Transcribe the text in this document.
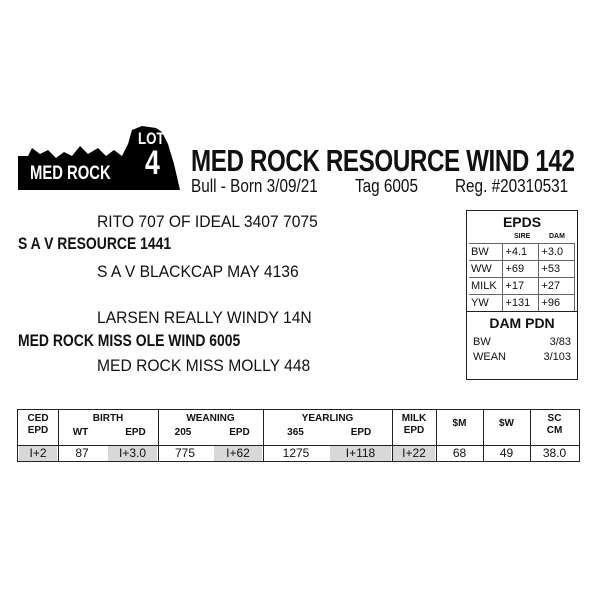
MED ROCK
LOT
4 MED ROCK RESOURCE WIND 142
Bull - Born 3/09/21 Tag 6005 Reg. #20310531
RITO 707 OF IDEAL 3407 7075
S A V RESOURCE 1441
S A V BLACKCAP MAY 4136
LARSEN REALLY WINDY 14N
MED ROCK MISS OLE WIND 6005
MED ROCK MISS MOLLY 448
EPDS
SIRE	DAM
BW	+4.1	+3.0
WW	+69	+53
MILK	+17	+27
YW	+131	+96
DAM PDN
BW	3/83
WEAN	3/103
CED
EPD
BIRTH
WT	EPD
WEANING
205	EPD
YEARLING
365	EPD
MILK
EPD
$M	$W	SC
CM
I+2	87	I+3.0	775	I+62	1275	I+118	I+22	68	49	38.0
